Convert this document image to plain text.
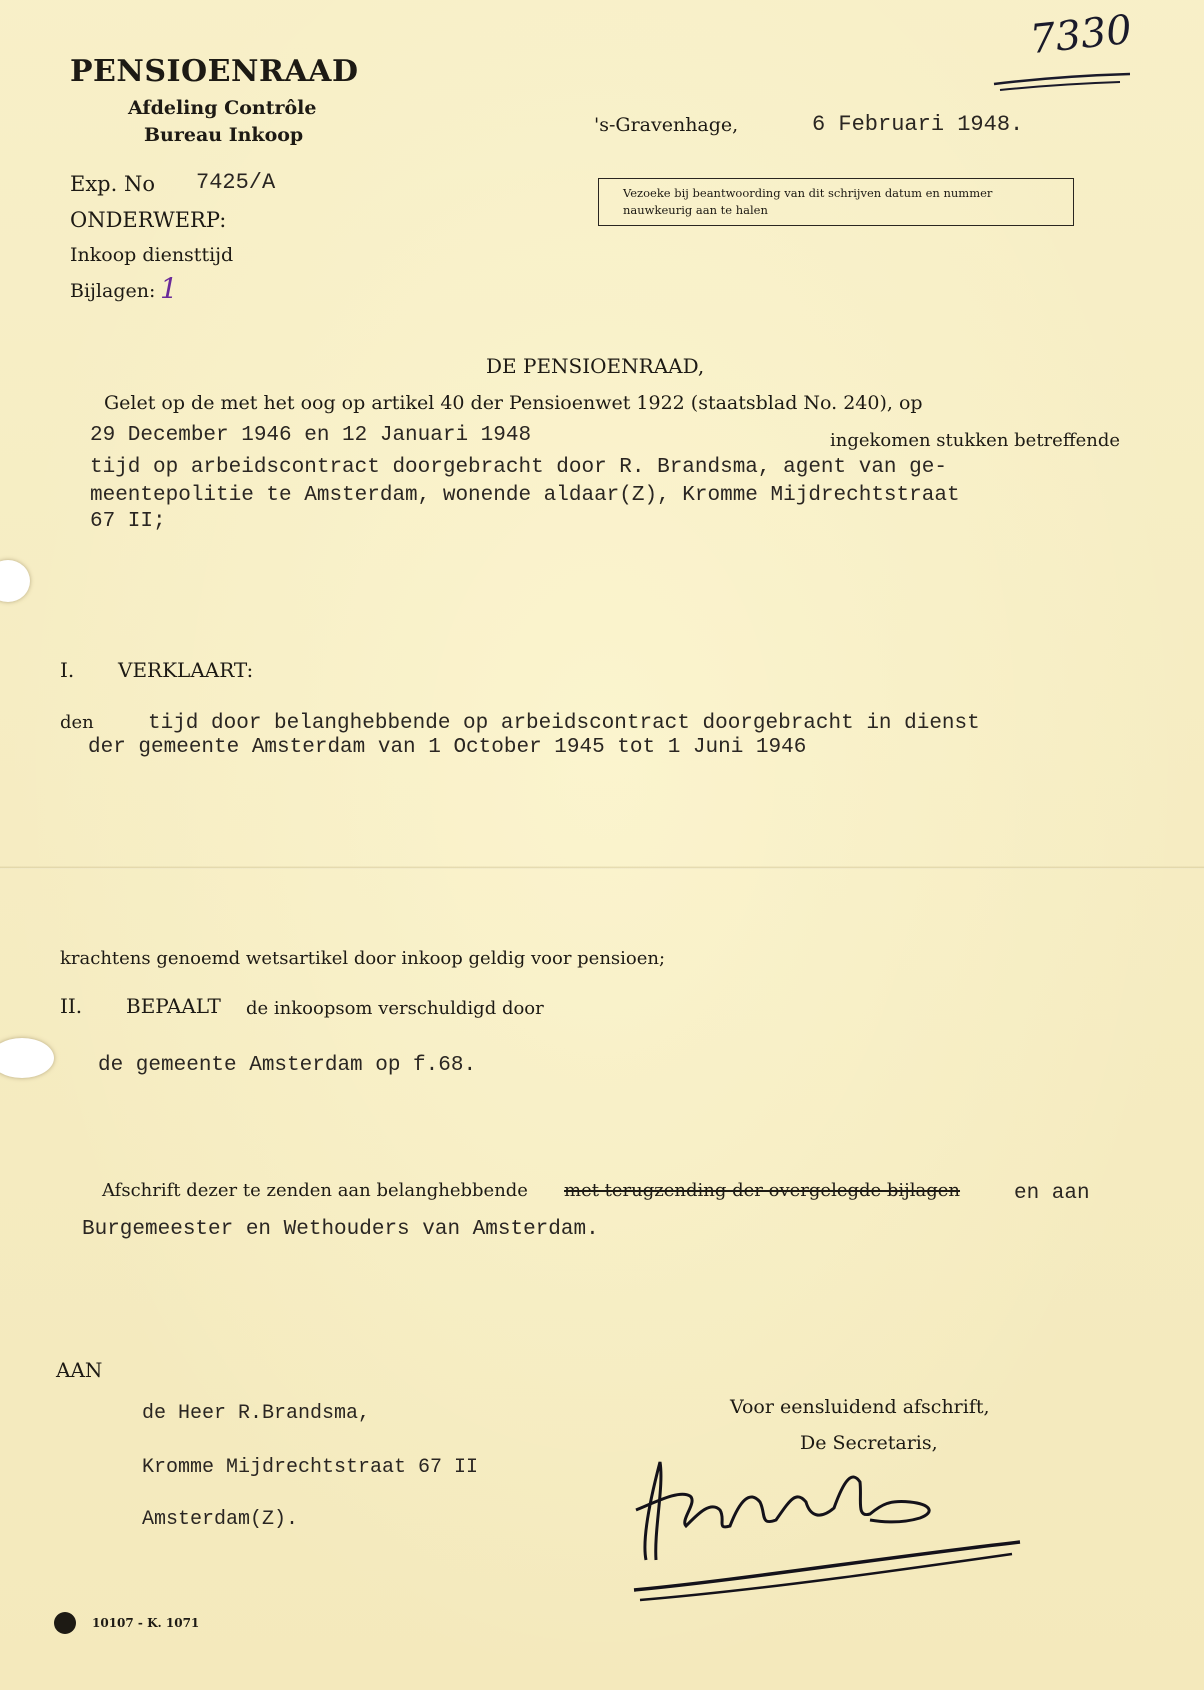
7330
PENSIOENRAAD
Afdeling Contrôle
Bureau Inkoop	's-Gravenhage,	6 Februari 1948.
Vezoeke bij beantwoording van dit schrijven datum en nummer nauwkeurig aan te halen
Exp. No 7425/A
ONDERWERP:
Inkoop diensttijd
Bijlagen: 1
DE PENSIOENRAAD,
Gelet op de met het oog op artikel 40 der Pensioenwet 1922 (staatsblad No. 240), op
29 December 1946 en 12 Januari 1948	ingekomen stukken betreffende
tijd op arbeidscontract doorgebracht door R. Brandsma, agent van ge-
meentepolitie te Amsterdam, wonende aldaar(Z), Kromme Mijdrechtstraat
67 II;
I. VERKLAART:
den	tijd door belanghebbende op arbeidscontract doorgebracht in dienst
der gemeente Amsterdam van 1 October 1945 tot 1 Juni 1946
krachtens genoemd wetsartikel door inkoop geldig voor pensioen;
II. BEPAALT de inkoopsom verschuldigd door
de gemeente Amsterdam op f.68.
Afschrift dezer te zenden aan belanghebbende met terugzending der overgelegde bijlagen	en aan
Burgemeester en Wethouders van Amsterdam.
AAN
de Heer R.Brandsma,
Kromme Mijdrechtstraat 67 II
Amsterdam(Z).
Voor eensluidend afschrift,
De Secretaris,
10107 - K. 1071
